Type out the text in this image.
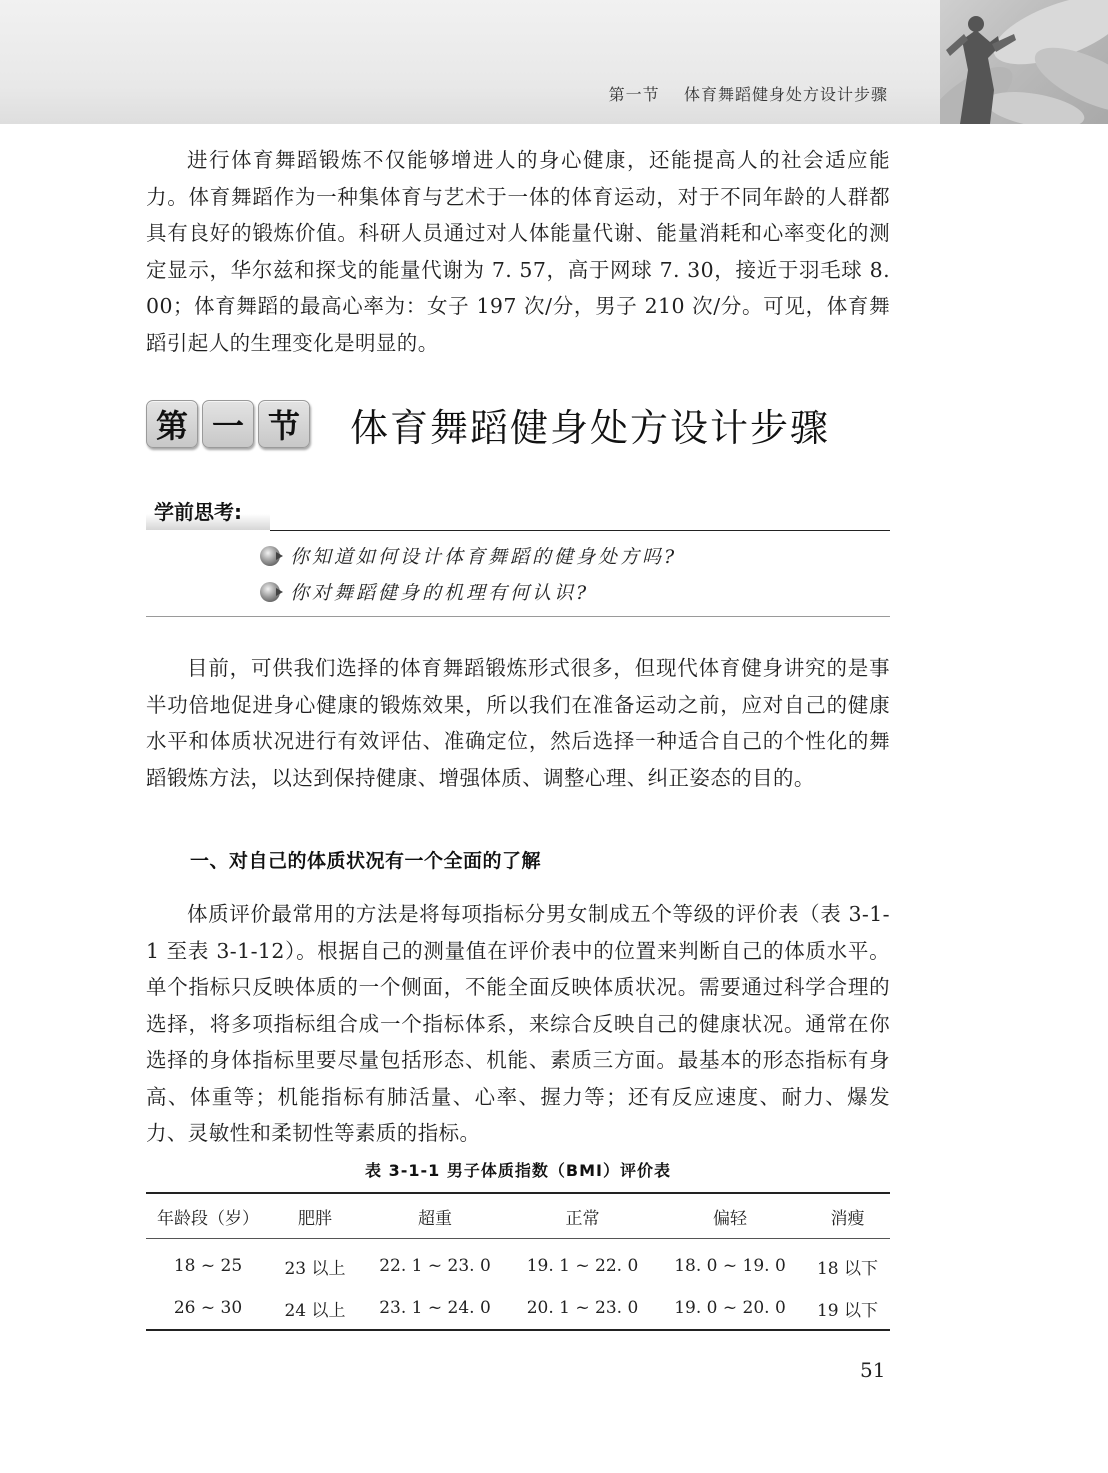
第一节    体育舞蹈健身处方设计步骤

进行体育舞蹈锻炼不仅能够增进人的身心健康，还能提高人的社会适应能力。体育舞蹈作为一种集体育与艺术于一体的体育运动，对于不同年龄的人群都具有良好的锻炼价值。科研人员通过对人体能量代谢、能量消耗和心率变化的测定显示，华尔兹和探戈的能量代谢为 7. 57，高于网球 7. 30，接近于羽毛球 8. 00；体育舞蹈的最高心率为：女子 197 次/分，男子 210 次/分。可见，体育舞蹈引起人的生理变化是明显的。

第 一 节 体育舞蹈健身处方设计步骤
学前思考:
你知道如何设计体育舞蹈的健身处方吗?
你对舞蹈健身的机理有何认识?

目前，可供我们选择的体育舞蹈锻炼形式很多，但现代体育健身讲究的是事半功倍地促进身心健康的锻炼效果，所以我们在准备运动之前，应对自己的健康水平和体质状况进行有效评估、准确定位，然后选择一种适合自己的个性化的舞蹈锻炼方法，以达到保持健康、增强体质、调整心理、纠正姿态的目的。

一、对自己的体质状况有一个全面的了解

体质评价最常用的方法是将每项指标分男女制成五个等级的评价表（表 3-1-1 至表 3-1-12）。根据自己的测量值在评价表中的位置来判断自己的体质水平。单个指标只反映体质的一个侧面，不能全面反映体质状况。需要通过科学合理的选择，将多项指标组合成一个指标体系，来综合反映自己的健康状况。通常在你选择的身体指标里要尽量包括形态、机能、素质三方面。最基本的形态指标有身高、体重等；机能指标有肺活量、心率、握力等；还有反应速度、耐力、爆发力、灵敏性和柔韧性等素质的指标。

表 3-1-1 男子体质指数（BMI）评价表
年龄段（岁）	肥胖	超重	正常	偏轻	消瘦
18 ~ 25	23 以上	22. 1 ~ 23. 0	19. 1 ~ 22. 0	18. 0 ~ 19. 0	18 以下
26 ~ 30	24 以上	23. 1 ~ 24. 0	20. 1 ~ 23. 0	19. 0 ~ 20. 0	19 以下
51
